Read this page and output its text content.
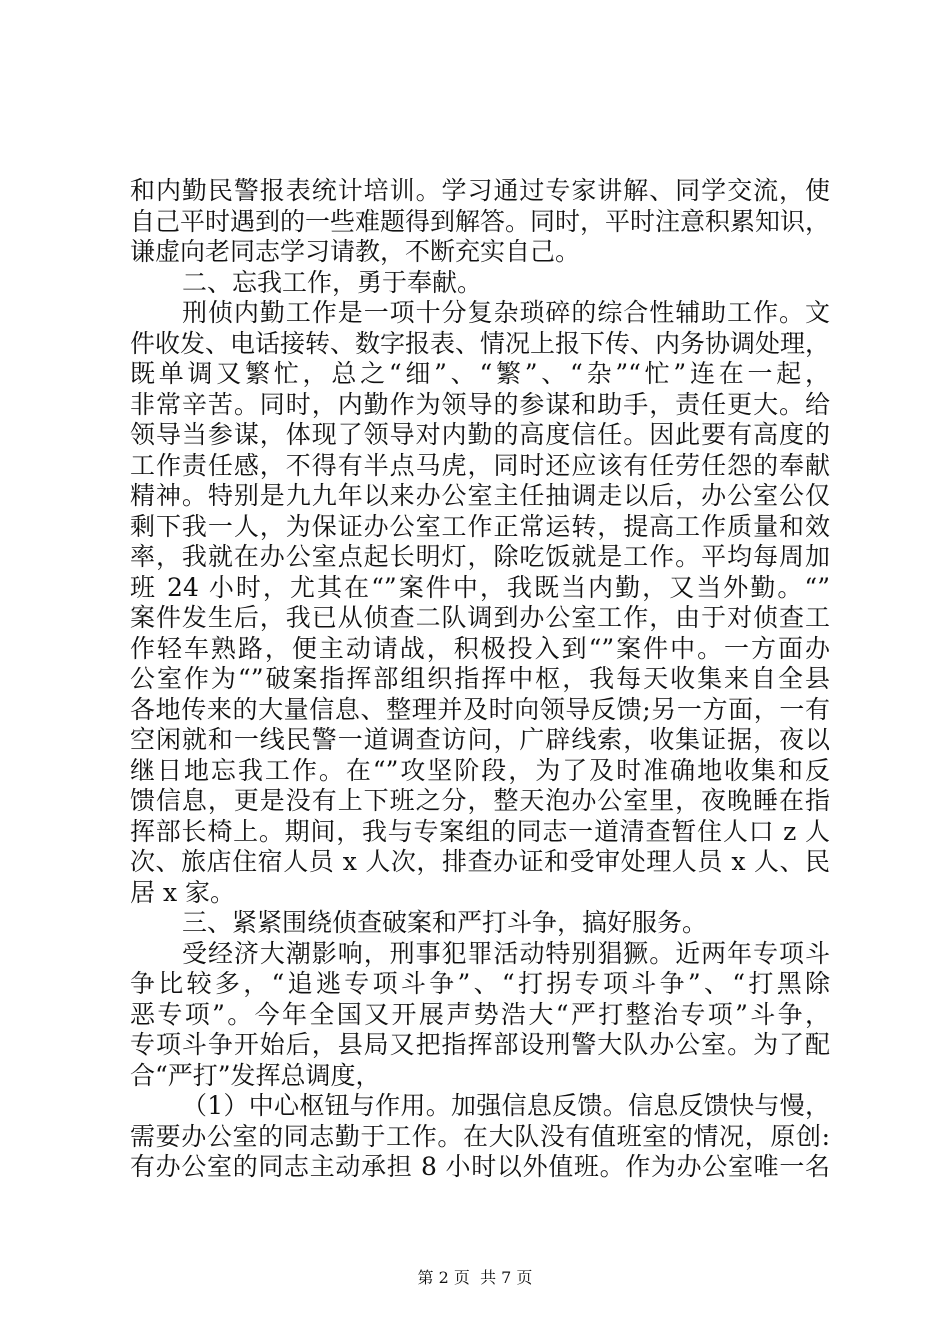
和内勤民警报表统计培训。学习通过专家讲解、同学交流，使
自己平时遇到的一些难题得到解答。同时，平时注意积累知识，
谦虚向老同志学习请教，不断充实自己。
二、忘我工作，勇于奉献。
刑侦内勤工作是一项十分复杂琐碎的综合性辅助工作。文
件收发、电话接转、数字报表、情况上报下传、内务协调处理，
既单调又繁忙，总之“细”、“繁”、“杂”“忙”连在一起，
非常辛苦。同时，内勤作为领导的参谋和助手，责任更大。给
领导当参谋，体现了领导对内勤的高度信任。因此要有高度的
工作责任感，不得有半点马虎，同时还应该有任劳任怨的奉献
精神。特别是九九年以来办公室主任抽调走以后，办公室公仅
剩下我一人，为保证办公室工作正常运转，提高工作质量和效
率，我就在办公室点起长明灯，除吃饭就是工作。平均每周加
班 24 小时，尤其在“”案件中，我既当内勤，又当外勤。“”
案件发生后，我已从侦查二队调到办公室工作，由于对侦查工
作轻车熟路，便主动请战，积极投入到“”案件中。一方面办
公室作为“”破案指挥部组织指挥中枢，我每天收集来自全县
各地传来的大量信息、整理并及时向领导反馈;另一方面，一有
空闲就和一线民警一道调查访问，广辟线索，收集证据，夜以
继日地忘我工作。在“”攻坚阶段，为了及时准确地收集和反
馈信息，更是没有上下班之分，整天泡办公室里，夜晚睡在指
挥部长椅上。期间，我与专案组的同志一道清查暂住人口 z 人
次、旅店住宿人员 x 人次，排查办证和受审处理人员 x 人、民
居 x 家。
三、紧紧围绕侦查破案和严打斗争，搞好服务。
受经济大潮影响，刑事犯罪活动特别猖獗。近两年专项斗
争比较多，“追逃专项斗争”、“打拐专项斗争”、“打黑除
恶专项”。今年全国又开展声势浩大“严打整治专项”斗争，
专项斗争开始后，县局又把指挥部设刑警大队办公室。为了配
合“严打”发挥总调度，
（1）中心枢钮与作用。加强信息反馈。信息反馈快与慢，
需要办公室的同志勤于工作。在大队没有值班室的情况，原创:
有办公室的同志主动承担 8 小时以外值班。作为办公室唯一名
第 2 页  共 7 页
